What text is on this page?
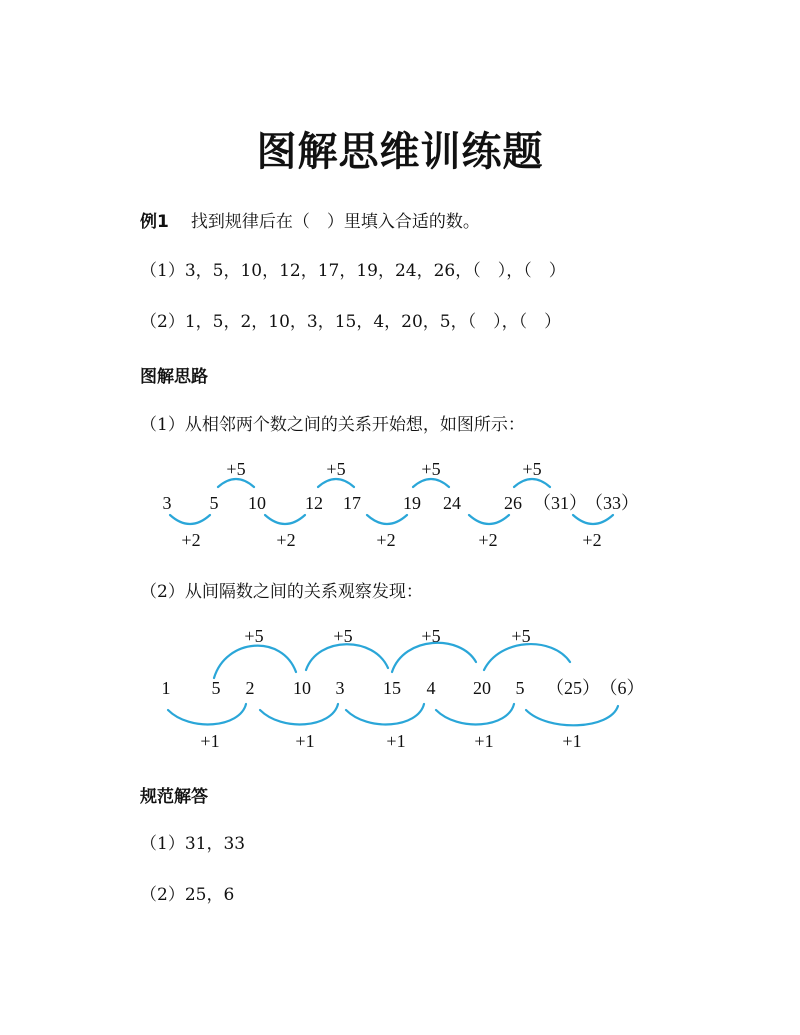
图解思维训练题
例1 找到规律后在（　）里填入合适的数。
（1）3，5，10，12，17，19，24，26，（　），（　）
（2）1，5，2，10，3，15，4，20，5，（　），（　）
图解思路
（1）从相邻两个数之间的关系开始想，如图所示：
+5	+5	+5	+5
3 5 10 12 17 19 24 26 （31）
（33）
+2	+2	+2	+2	+2
（2）从间隔数之间的关系观察发现：
+5	+5	+5	+5
1 5 2 10 3 15 4 20 5 （25） （6）
+1	+1	+1	+1	+1
规范解答
（1）31，33
（2）25，6
